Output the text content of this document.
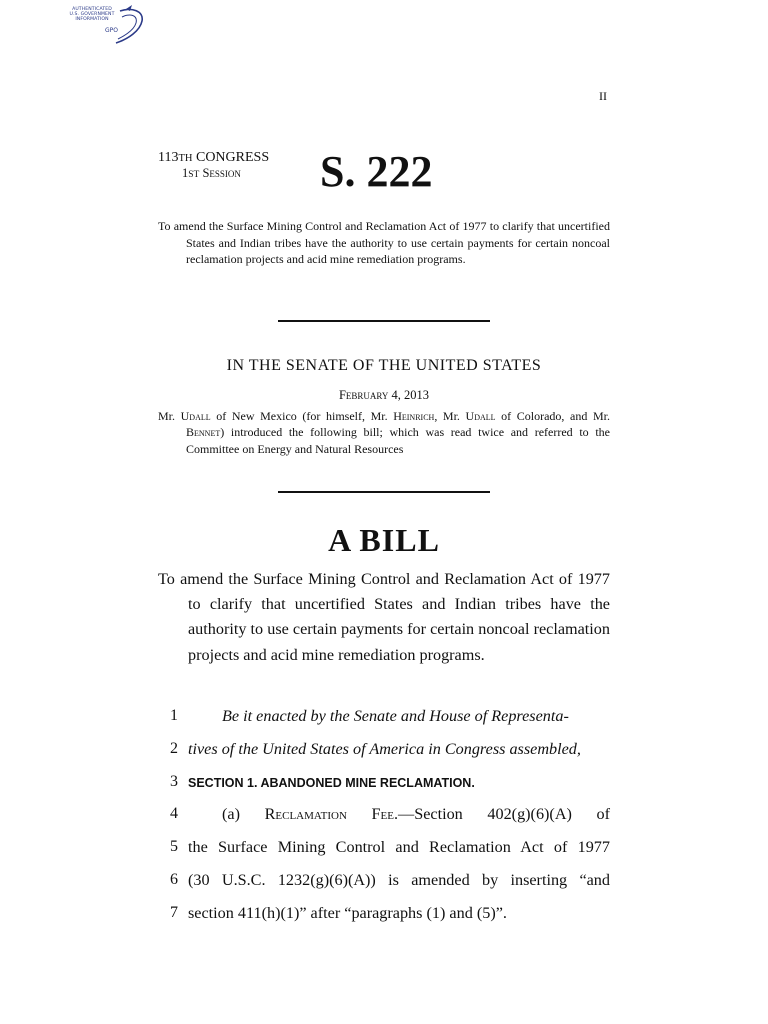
AUTHENTICATED
U.S. GOVERNMENT
INFORMATION
GPO
II
113TH CONGRESS
1ST Session S. 222
To amend the Surface Mining Control and Reclamation Act of 1977 to clarify that uncertified States and Indian tribes have the authority to use certain payments for certain noncoal reclamation projects and acid mine remediation programs.
IN THE SENATE OF THE UNITED STATES
February 4, 2013
Mr. Udall of New Mexico (for himself, Mr. Heinrich, Mr. Udall of Colorado, and Mr. Bennet) introduced the following bill; which was read twice and referred to the Committee on Energy and Natural Resources
A BILL
To amend the Surface Mining Control and Reclamation Act of 1977 to clarify that uncertified States and Indian tribes have the authority to use certain payments for certain noncoal reclamation projects and acid mine remediation programs.
1	Be it enacted by the Senate and House of Representa-
2 tives of the United States of America in Congress assembled,
3 SECTION 1. ABANDONED MINE RECLAMATION.
4	(a) Reclamation Fee.—Section 402(g)(6)(A) of
5 the Surface Mining Control and Reclamation Act of 1977
6 (30 U.S.C. 1232(g)(6)(A)) is amended by inserting “and
7 section 411(h)(1)” after “paragraphs (1) and (5)”.
